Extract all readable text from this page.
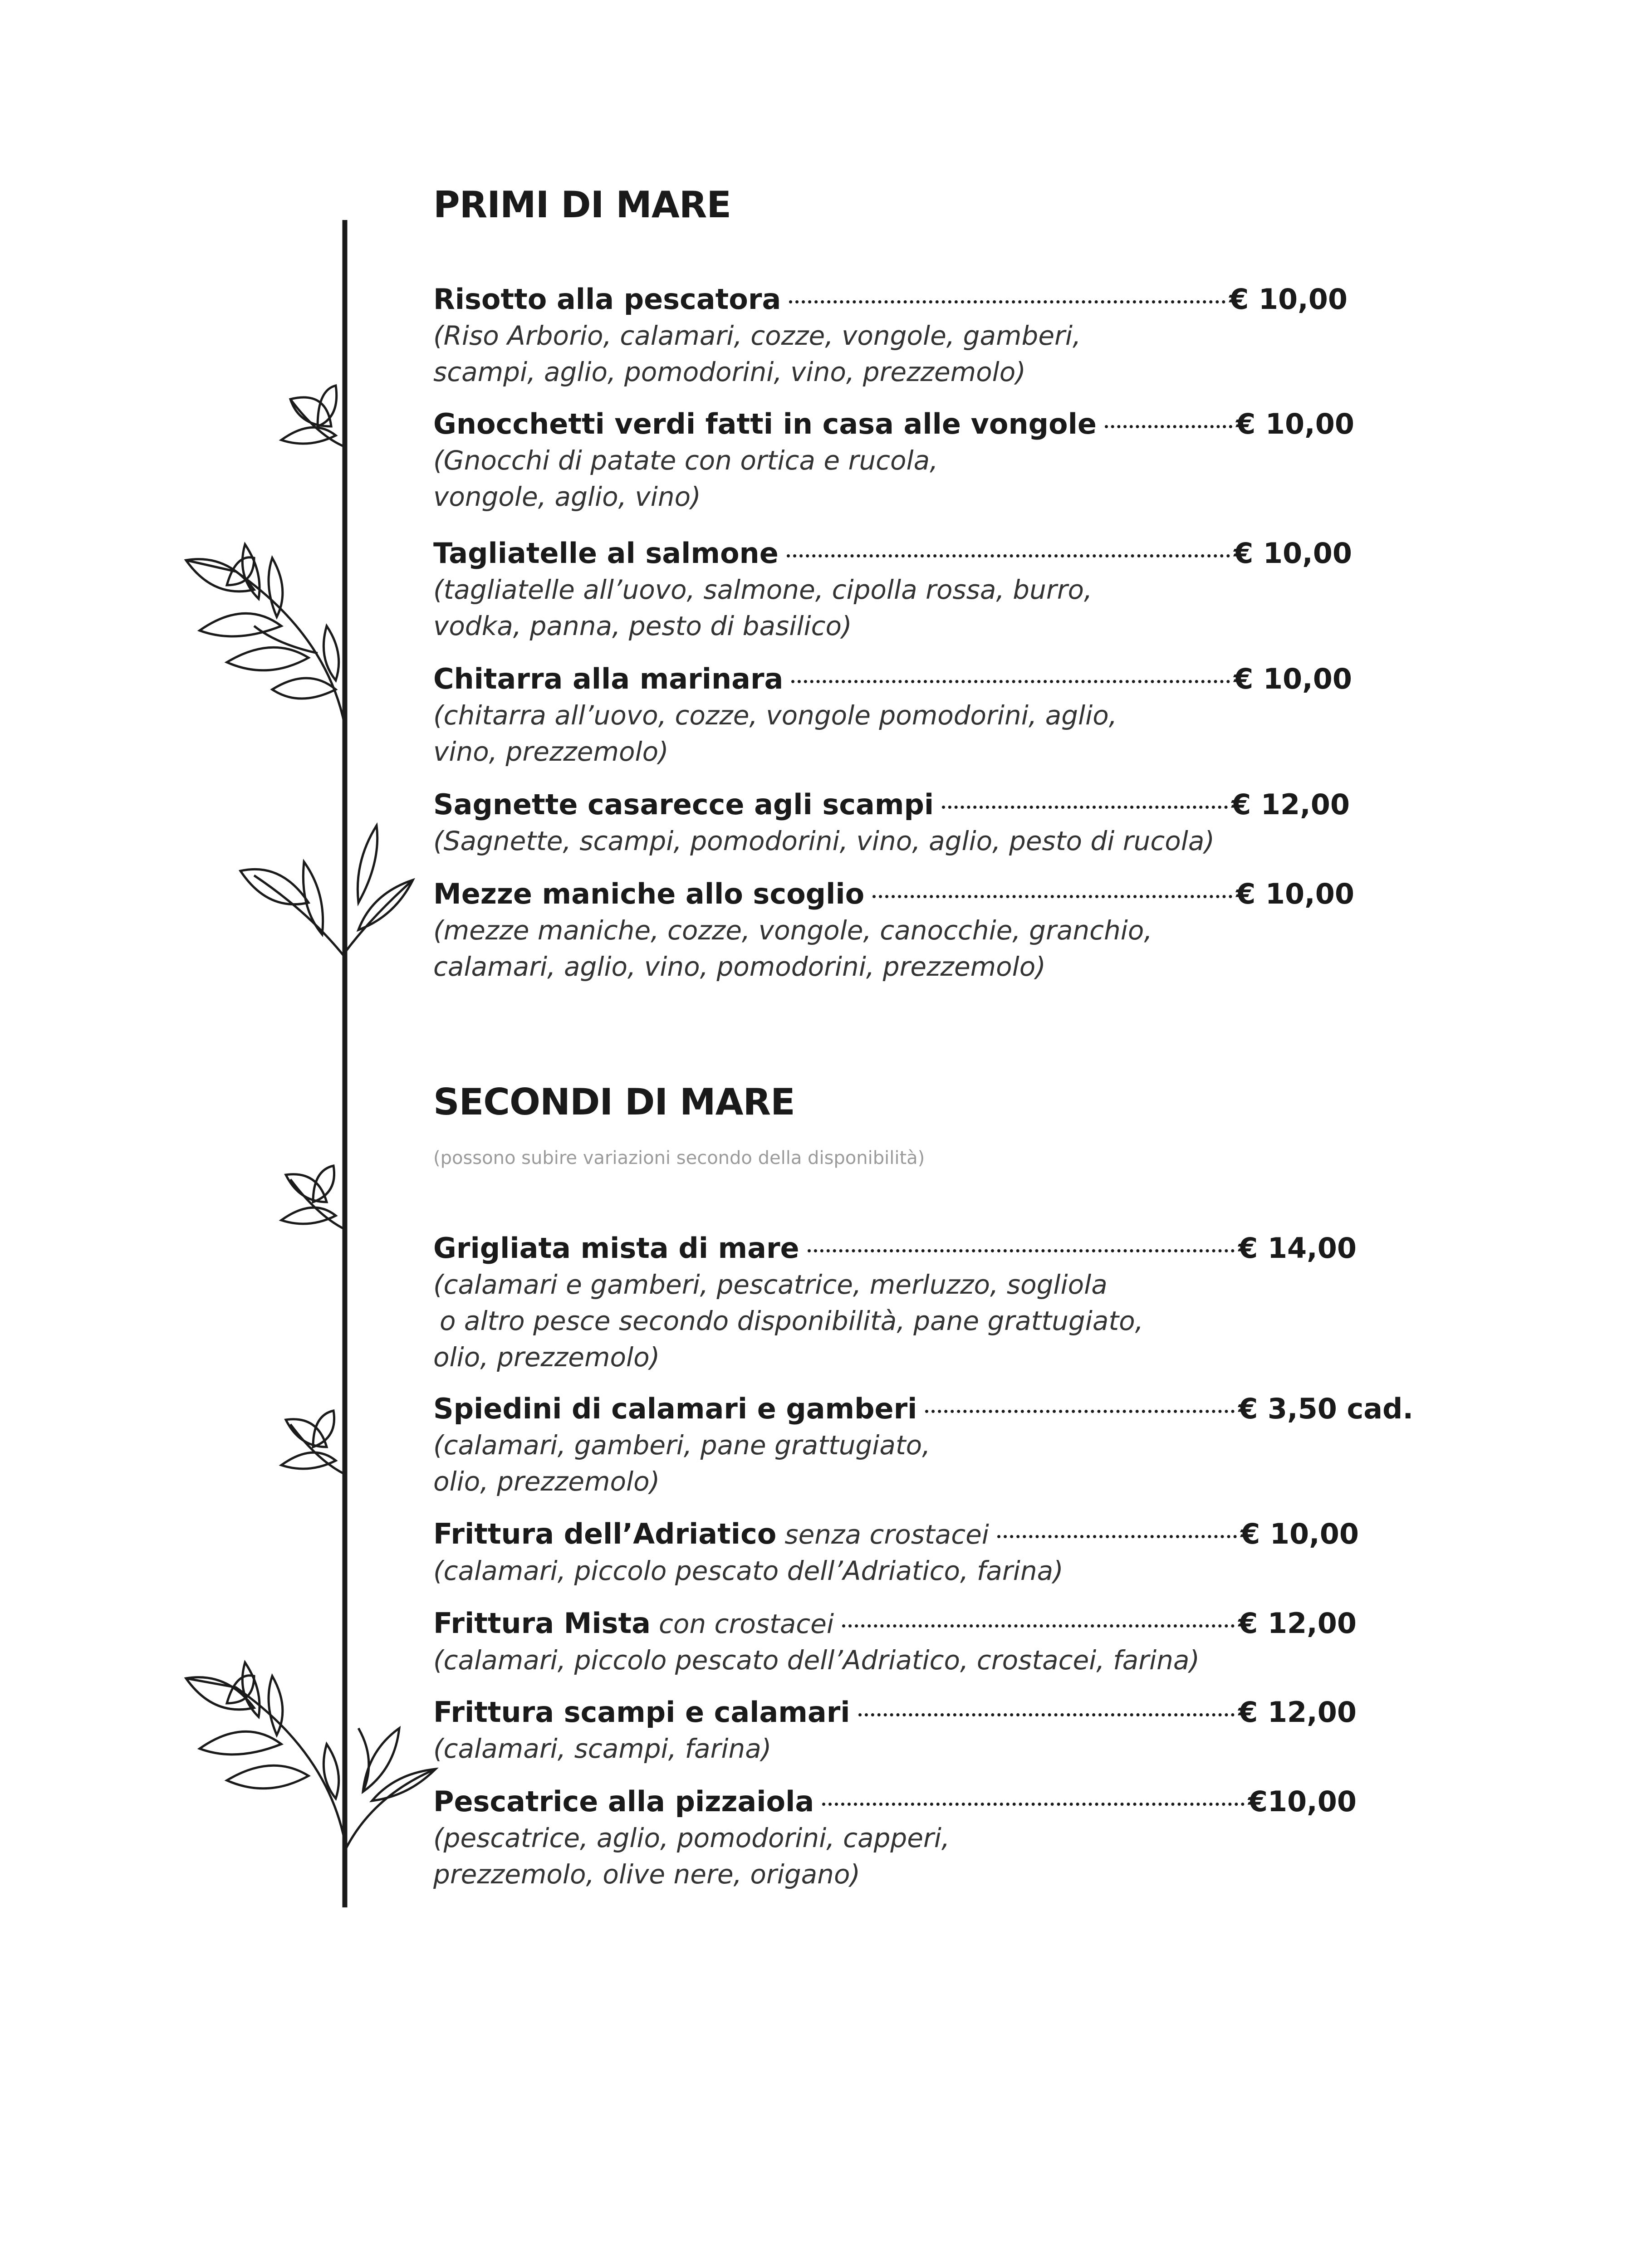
PRIMI DI MARE
Risotto alla pescatora	€ 10,00

(Riso Arborio, calamari, cozze, vongole, gamberi,
scampi, aglio, pomodorini, vino, prezzemolo)

Gnocchetti verdi fatti in casa alle vongole	€ 10,00

(Gnocchi di patate con ortica e rucola,
vongole, aglio, vino)

Tagliatelle al salmone	€ 10,00

(tagliatelle all’uovo, salmone, cipolla rossa, burro,
vodka, panna, pesto di basilico)

Chitarra alla marinara	€ 10,00

(chitarra all’uovo, cozze, vongole pomodorini, aglio,
vino, prezzemolo)

Sagnette casarecce agli scampi	€ 12,00

(Sagnette, scampi, pomodorini, vino, aglio, pesto di rucola)

Mezze maniche allo scoglio	€ 10,00

(mezze maniche, cozze, vongole, canocchie, granchio,
calamari, aglio, vino, pomodorini, prezzemolo)

SECONDI DI MARE
(possono subire variazioni secondo della disponibilità)
Grigliata mista di mare	€ 14,00

(calamari e gamberi, pescatrice, merluzzo, sogliola
o altro pesce secondo disponibilità, pane grattugiato,
olio, prezzemolo)

Spiedini di calamari e gamberi	€ 3,50 cad.

(calamari, gamberi, pane grattugiato,
olio, prezzemolo)

Frittura dell’Adriatico senza crostacei	€ 10,00

(calamari, piccolo pescato dell’Adriatico, farina)

Frittura Mista con crostacei	€ 12,00

(calamari, piccolo pescato dell’Adriatico, crostacei, farina)

Frittura scampi e calamari	€ 12,00

(calamari, scampi, farina)

Pescatrice alla pizzaiola	€10,00

(pescatrice, aglio, pomodorini, capperi,
prezzemolo, olive nere, origano)
